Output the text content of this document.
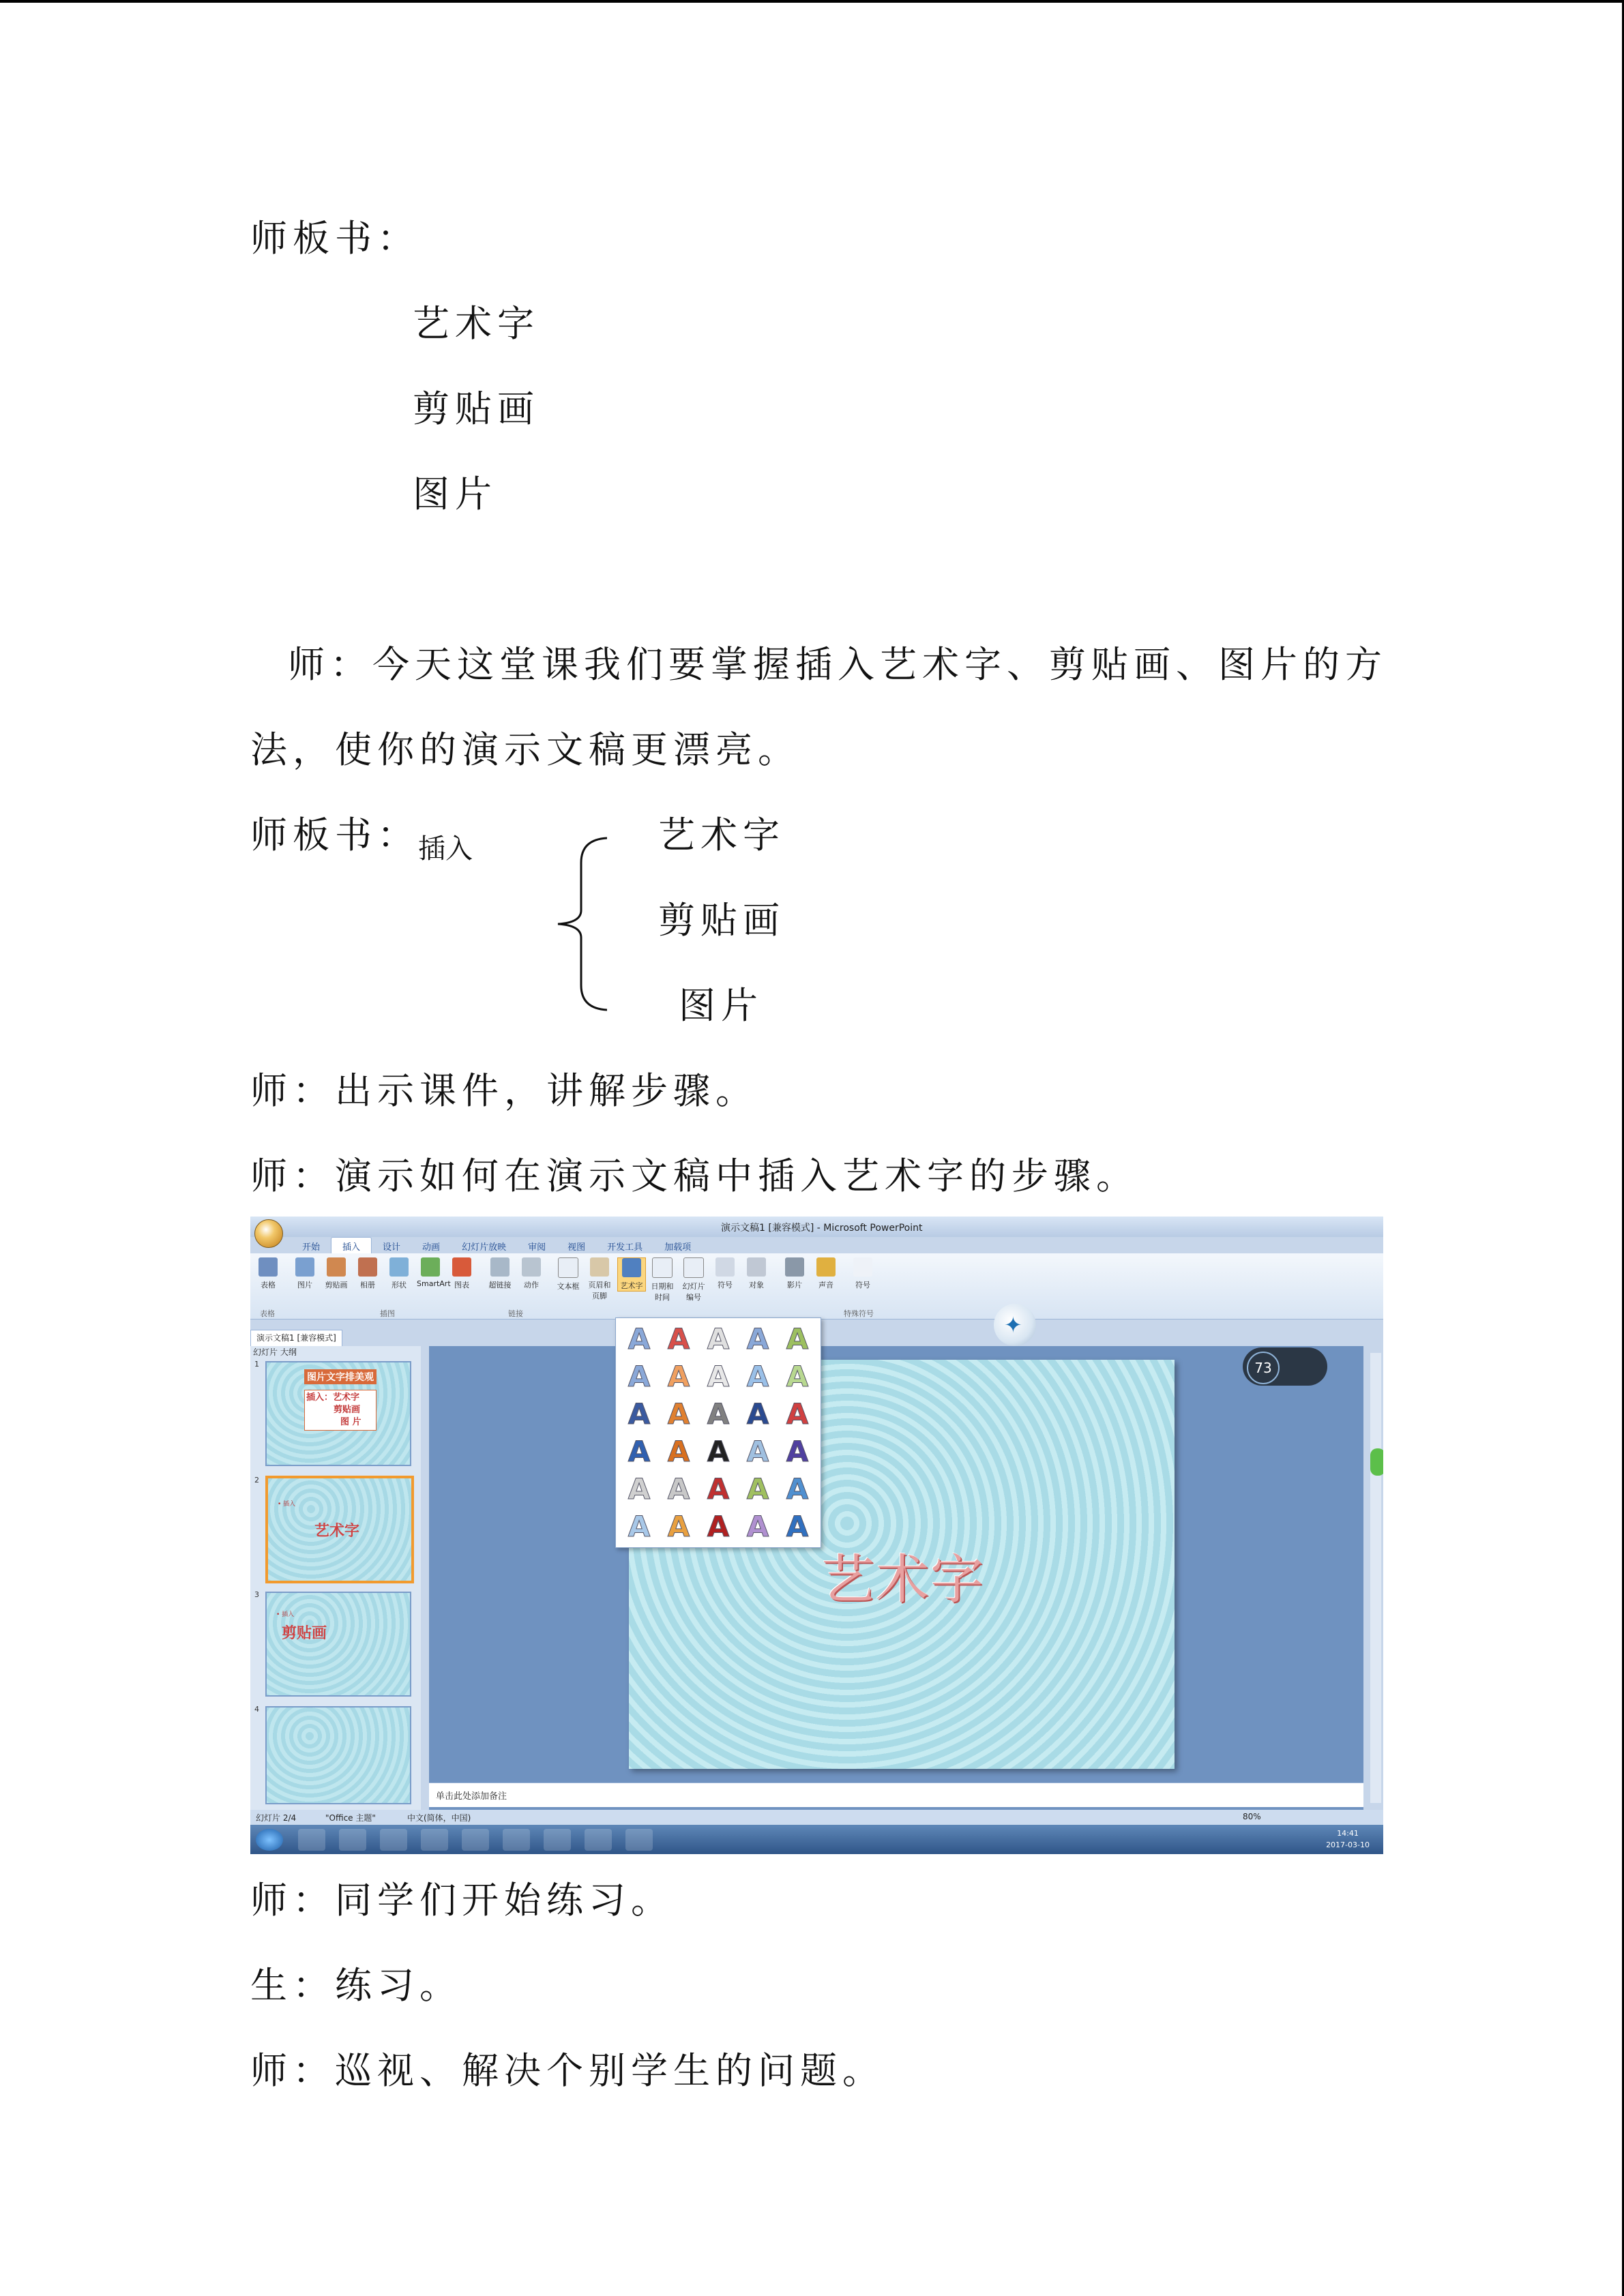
师板书：
艺术字
剪贴画
图片
师：今天这堂课我们要掌握插入艺术字、剪贴画、图片的方
法，使你的演示文稿更漂亮。
师板书：
插入	艺术字
剪贴画
图片
师：出示课件，讲解步骤。
师：演示如何在演示文稿中插入艺术字的步骤。
演示文稿1 [兼容模式] - Microsoft PowerPoint
开始	插入	设计 动画 幻灯片放映 审阅 视图 开发工具 加载项
表格	图片	剪贴画	相册	形状	SmartArt 图表	超链接	动作	文本框	页眉和页脚
艺术字	日期和时间
幻灯片编号
符号	对象	影片	声音	符号
表格	插图	链接	特殊符号
演示文稿1 [兼容模式]
幻灯片 大纲
1
图片文字排美观
插入：艺术字
剪贴画
图 片
2
• 插入
艺术字
3
• 插入
剪贴画
4
艺术字
A A A A A
A A A A A
A A A A A
A A A A A
A A A A A
A A A A A
✦
73
单击此处添加备注
幻灯片 2/4	"Office 主题"	中文(简体，中国)	80%
14:41
2017-03-10
师：同学们开始练习。
生：练习。
师：巡视、解决个别学生的问题。
